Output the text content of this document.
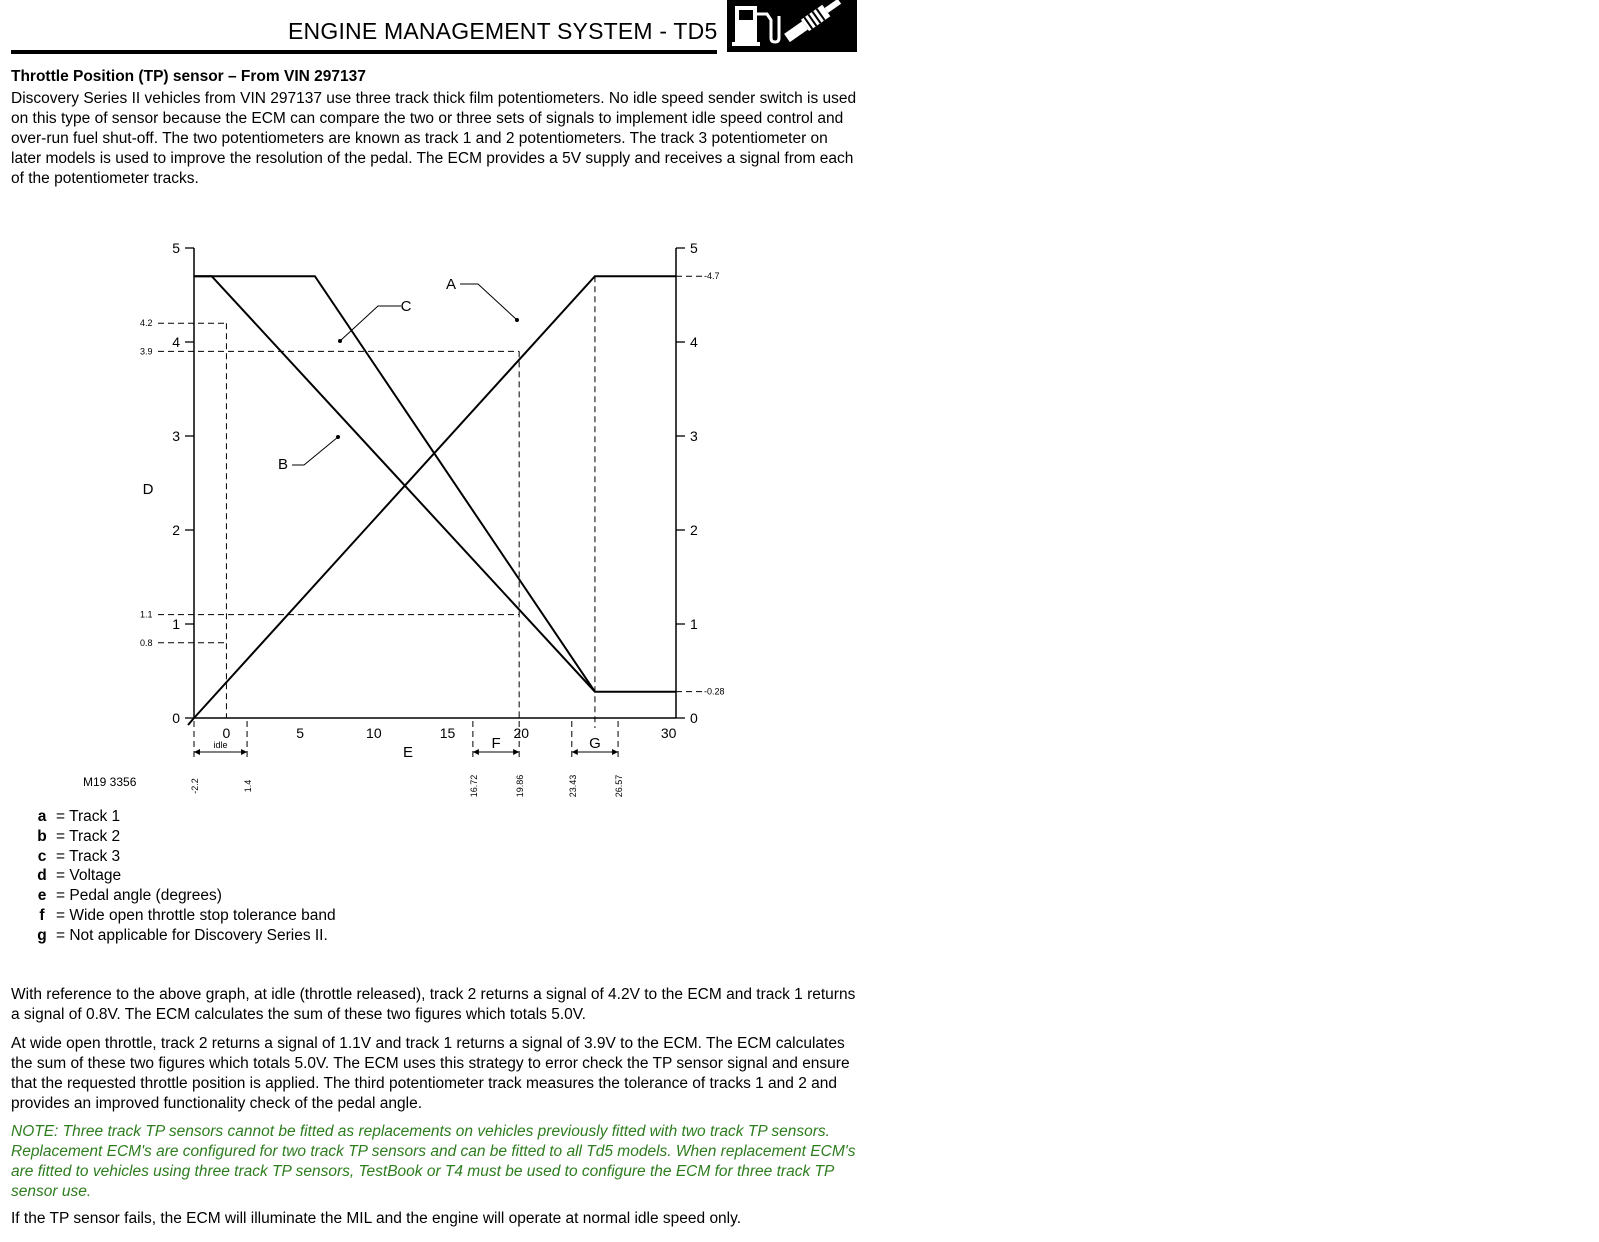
ENGINE MANAGEMENT SYSTEM - TD5
Throttle Position (TP) sensor – From VIN 297137

Discovery Series II vehicles from VIN 297137 use three track thick film potentiometers. No idle speed sender switch is used on this type of sensor because the ECM can compare the two or three sets of signals to implement idle speed control and over-run fuel shut-off. The two potentiometers are known as track 1 and 2 potentiometers. The track 3 potentiometer on later models is used to improve the resolution of the pedal. The ECM provides a 5V supply and receives a signal from each of the potentiometer tracks.

0
1
2
3
4
5
0
1
2
3
4
5
0	5	10	15	20	30
D
E
4.2
3.9
1.1
0.8
-4.7
-0.28
-2.2	1.4	16.72	19.86	23.43	26.57
idle	F	G
A
B
C
M19 3356
a = Track 1
b = Track 2
c = Track 3
d = Voltage
e = Pedal angle (degrees)
f = Wide open throttle stop tolerance band
g = Not applicable for Discovery Series II.

With reference to the above graph, at idle (throttle released), track 2 returns a signal of 4.2V to the ECM and track 1 returns a signal of 0.8V. The ECM calculates the sum of these two figures which totals 5.0V.

At wide open throttle, track 2 returns a signal of 1.1V and track 1 returns a signal of 3.9V to the ECM. The ECM calculates the sum of these two figures which totals 5.0V. The ECM uses this strategy to error check the TP sensor signal and ensure that the requested throttle position is applied. The third potentiometer track measures the tolerance of tracks 1 and 2 and provides an improved functionality check of the pedal angle.

NOTE: Three track TP sensors cannot be fitted as replacements on vehicles previously fitted with two track TP sensors. Replacement ECM's are configured for two track TP sensors and can be fitted to all Td5 models. When replacement ECM's are fitted to vehicles using three track TP sensors, TestBook or T4 must be used to configure the ECM for three track TP sensor use.

If the TP sensor fails, the ECM will illuminate the MIL and the engine will operate at normal idle speed only.
